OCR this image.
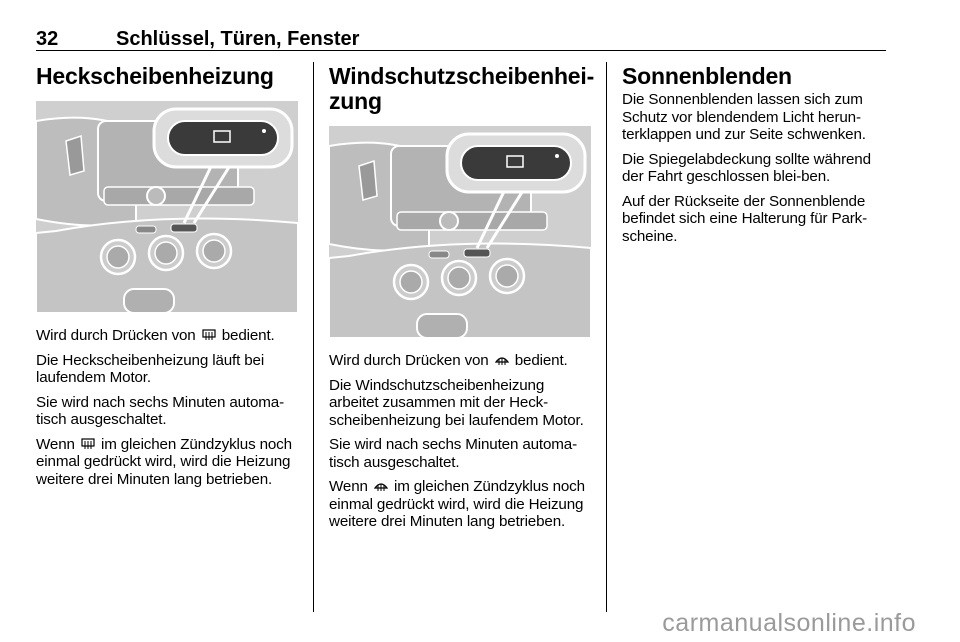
32	Schlüssel, Türen, Fenster
Heckscheibenheizung

Wird durch Drücken von bedient.

Die Heckscheibenheizung läuft bei laufendem Motor.

Sie wird nach sechs Minuten automa-tisch ausgeschaltet.

Wenn im gleichen Zündzyklus noch einmal gedrückt wird, wird die Heizung weitere drei Minuten lang betrieben.

Windschutzscheibenhei-
zung

Wird durch Drücken von bedient.

Die Windschutzscheibenheizung arbeitet zusammen mit der Heck-scheibenheizung bei laufendem Motor.

Sie wird nach sechs Minuten automa-tisch ausgeschaltet.

Wenn im gleichen Zündzyklus noch einmal gedrückt wird, wird die Heizung weitere drei Minuten lang betrieben.

Sonnenblenden

Die Sonnenblenden lassen sich zum Schutz vor blendendem Licht herun-terklappen und zur Seite schwenken.

Die Spiegelabdeckung sollte während der Fahrt geschlossen blei-ben.

Auf der Rückseite der Sonnenblende befindet sich eine Halterung für Park-scheine.

carmanualsonline.info
